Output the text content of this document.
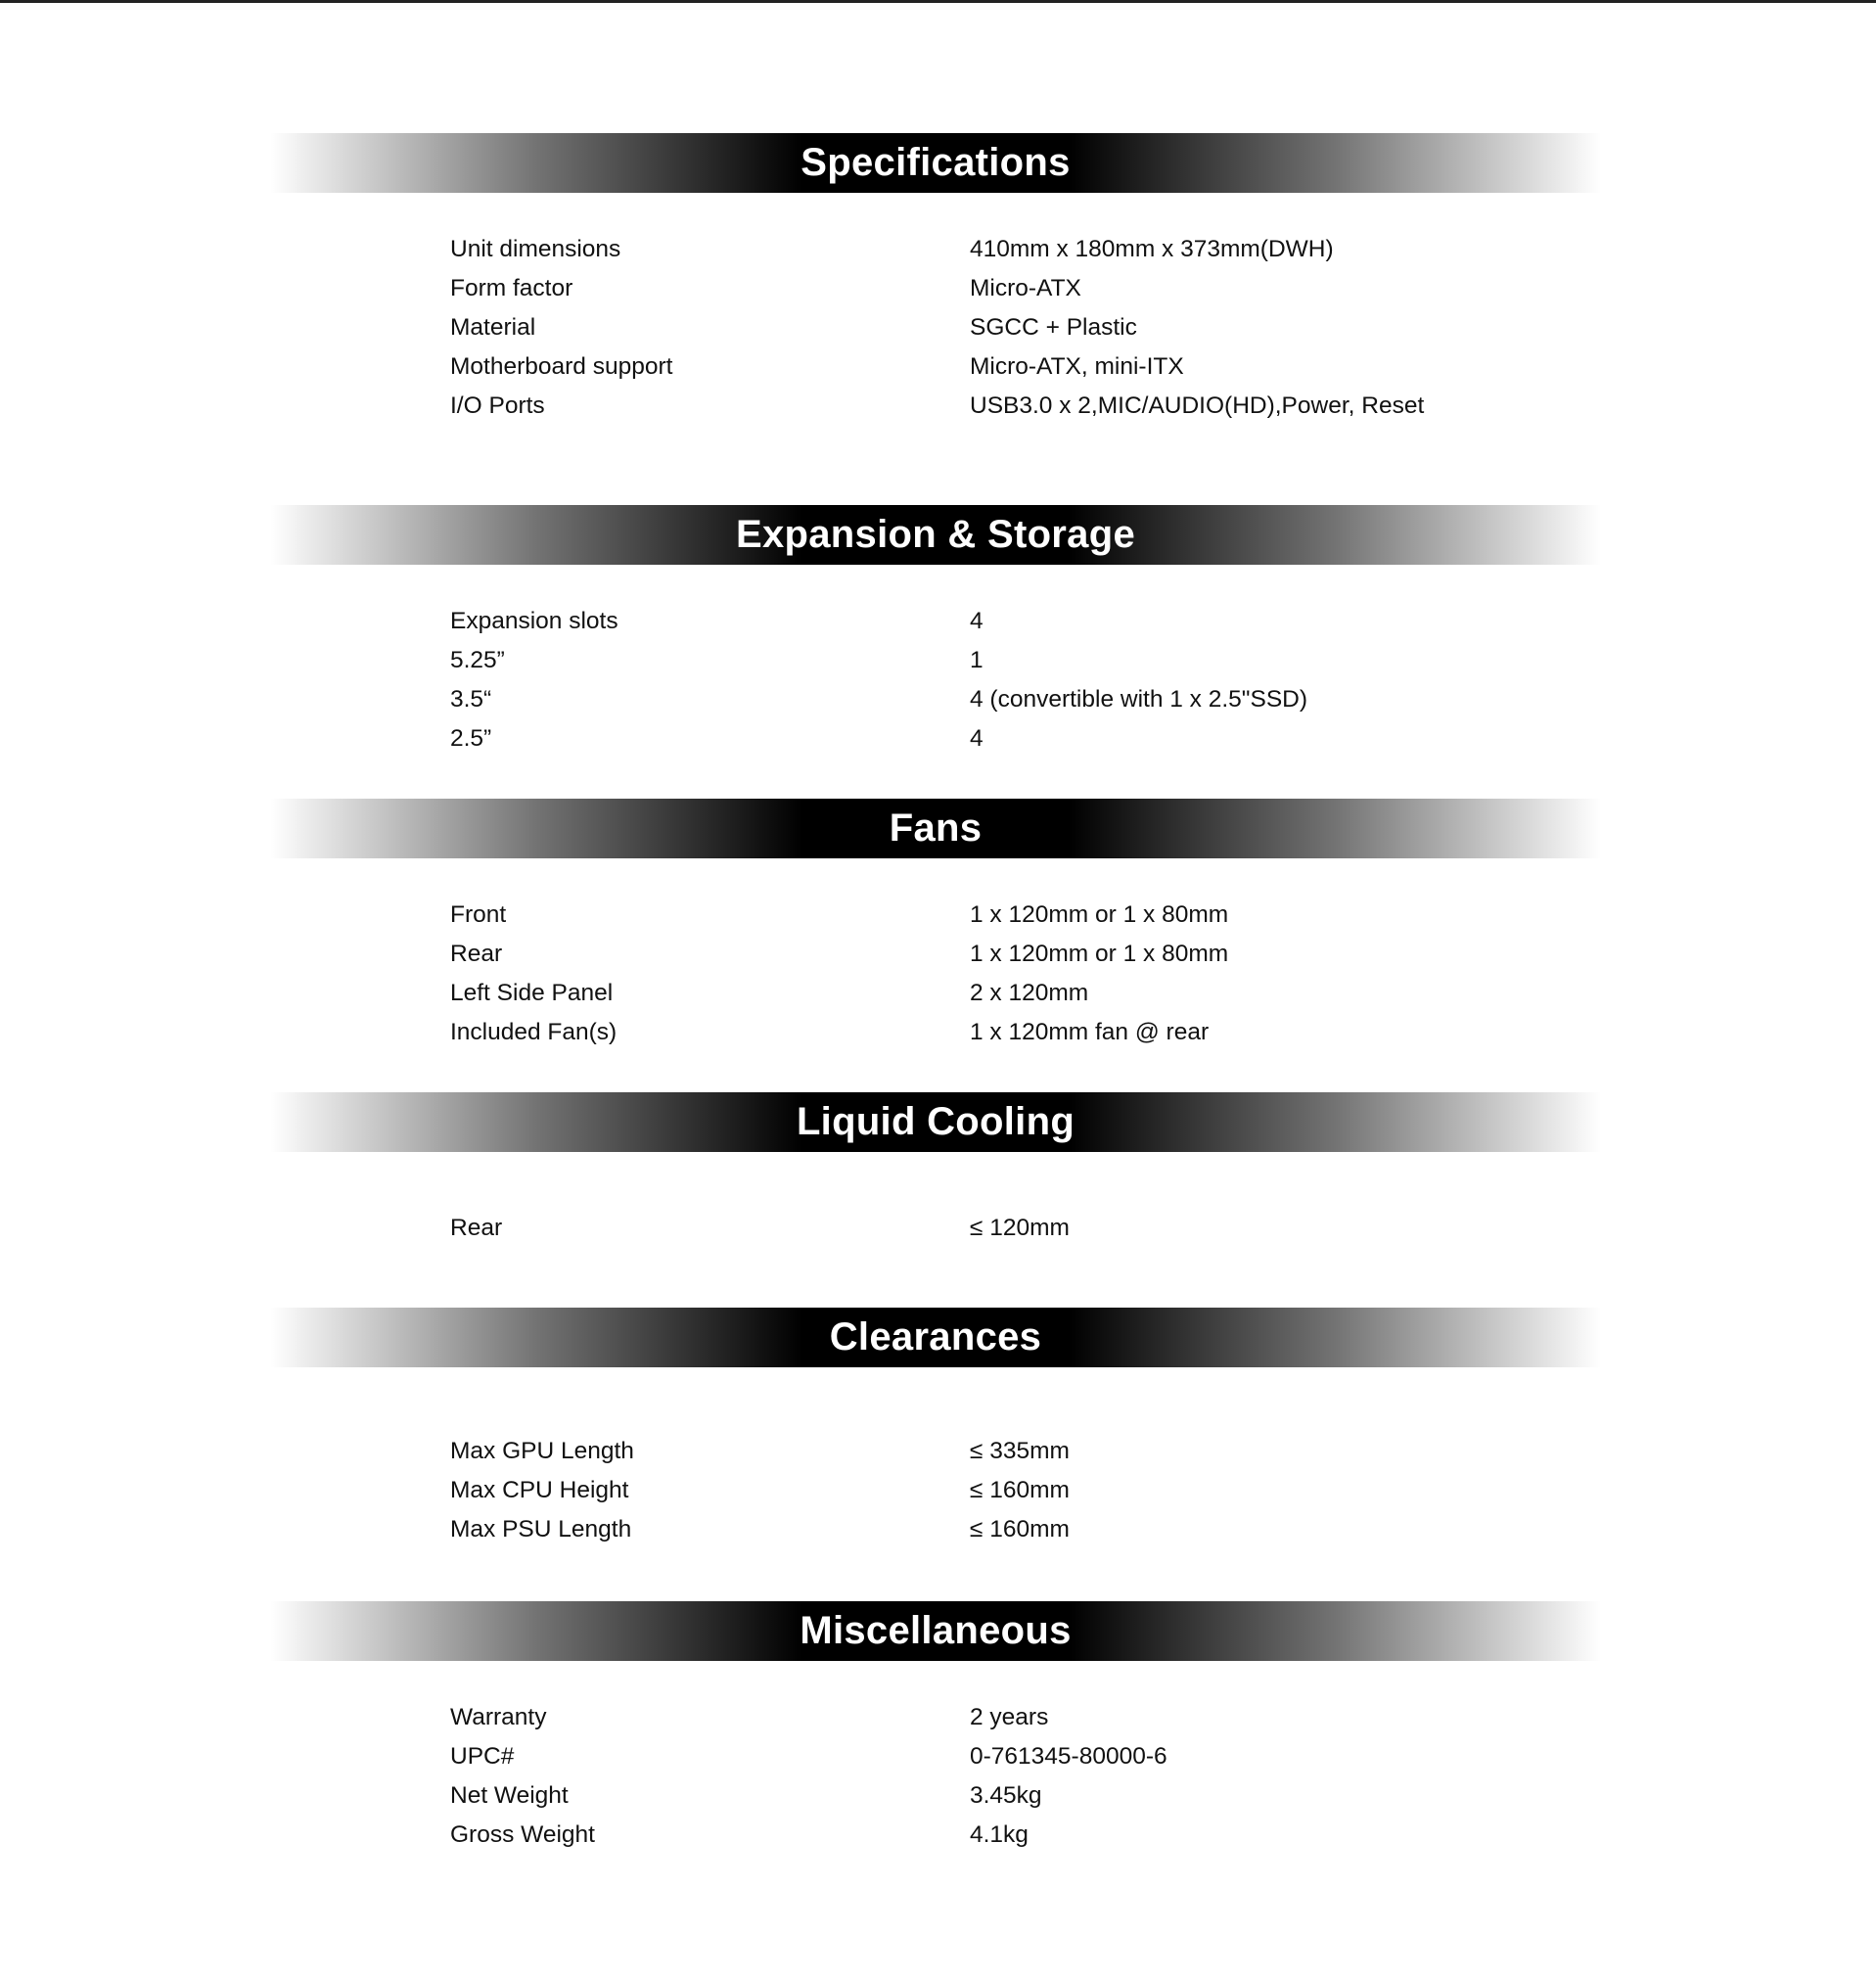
Specifications
Unit dimensions	410mm x 180mm x 373mm(DWH)
Form factor	Micro-ATX
Material	SGCC + Plastic
Motherboard support	Micro-ATX, mini-ITX
I/O Ports	USB3.0 x 2,MIC/AUDIO(HD),Power, Reset
Expansion & Storage
Expansion slots	4
5.25”	1
3.5“	4 (convertible with 1 x 2.5"SSD)
2.5”	4
Fans
Front	1 x 120mm or 1 x 80mm
Rear	1 x 120mm or 1 x 80mm
Left Side Panel	2 x 120mm
Included Fan(s)	1 x 120mm fan @ rear
Liquid Cooling
Rear	≤ 120mm
Clearances
Max GPU Length	≤ 335mm
Max CPU Height	≤ 160mm
Max PSU Length	≤ 160mm
Miscellaneous
Warranty	2 years
UPC#	0-761345-80000-6
Net Weight	3.45kg
Gross Weight	4.1kg
